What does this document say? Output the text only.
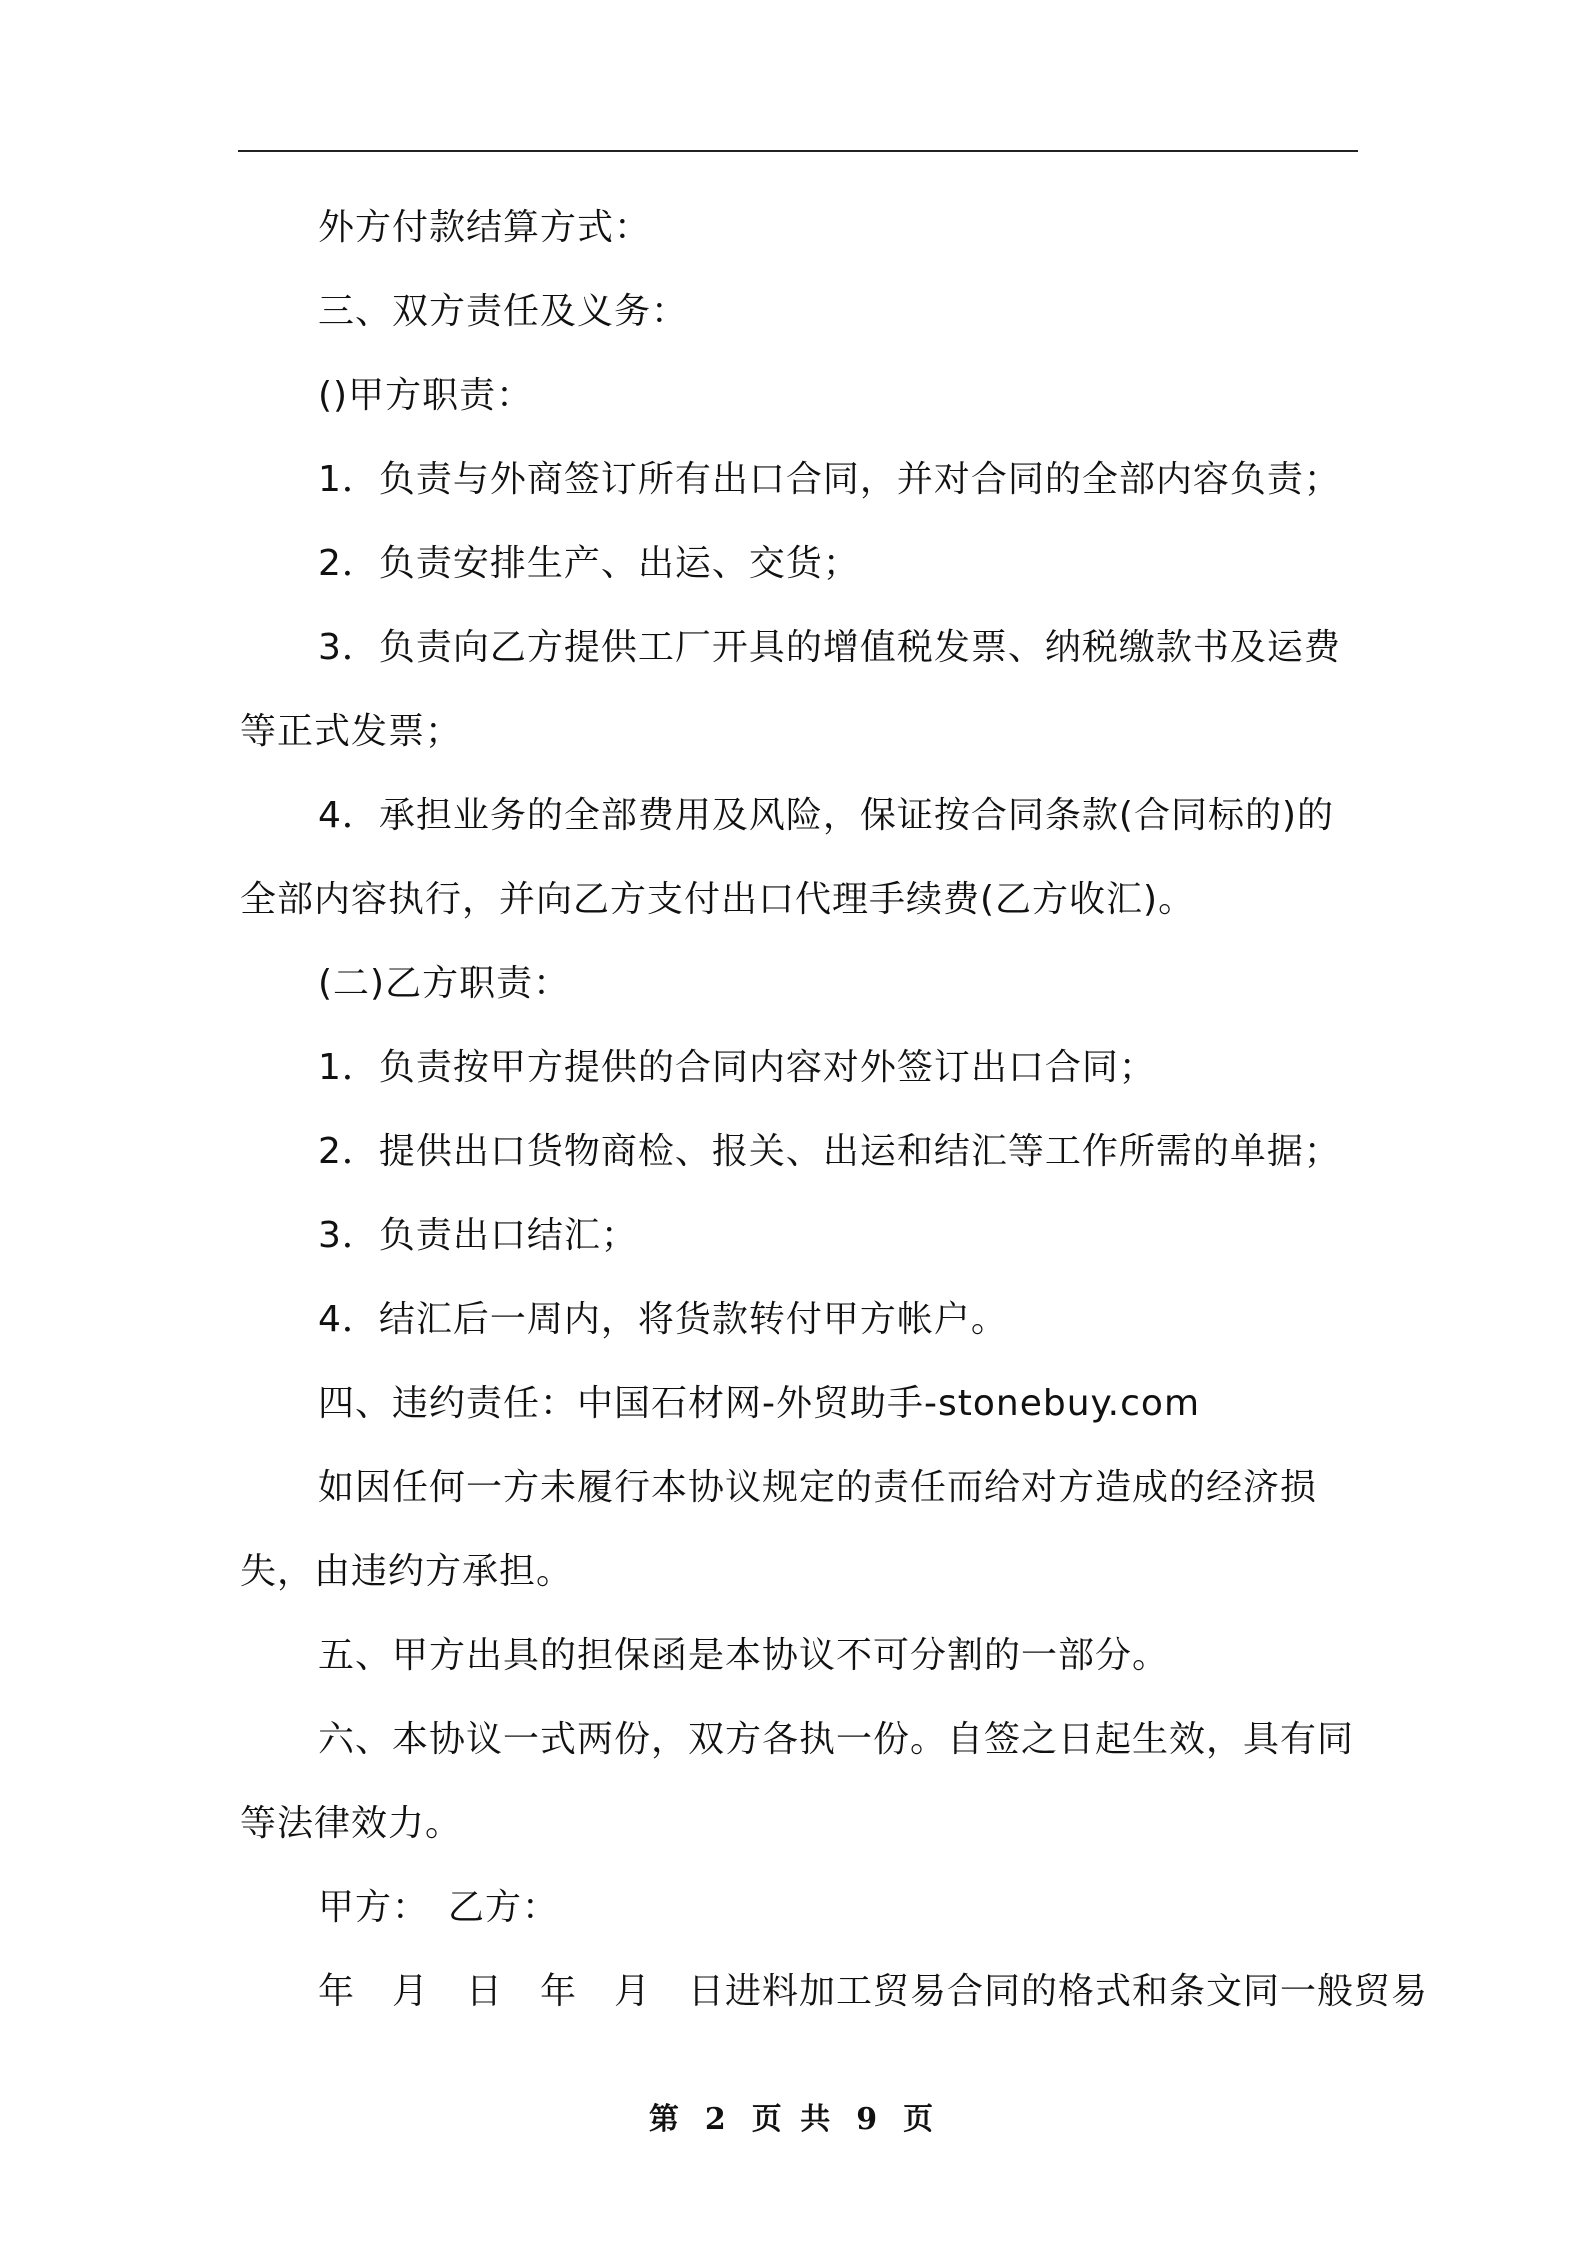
外方付款结算方式：

三、双方责任及义务：

()甲方职责：

1．负责与外商签订所有出口合同，并对合同的全部内容负责；

2．负责安排生产、出运、交货；

3．负责向乙方提供工厂开具的增值税发票、纳税缴款书及运费

等正式发票；

4．承担业务的全部费用及风险，保证按合同条款(合同标的)的

全部内容执行，并向乙方支付出口代理手续费(乙方收汇)。

(二)乙方职责：

1．负责按甲方提供的合同内容对外签订出口合同；

2．提供出口货物商检、报关、出运和结汇等工作所需的单据；

3．负责出口结汇；

4．结汇后一周内，将货款转付甲方帐户。

四、违约责任：中国石材网-外贸助手-stonebuy.com

如因任何一方未履行本协议规定的责任而给对方造成的经济损

失，由违约方承担。

五、甲方出具的担保函是本协议不可分割的一部分。

六、本协议一式两份，双方各执一份。自签之日起生效，具有同

等法律效力。

甲方：　乙方：

年　月　日　年　月　日进料加工贸易合同的格式和条文同一般贸易

第 2 页 共 9 页
